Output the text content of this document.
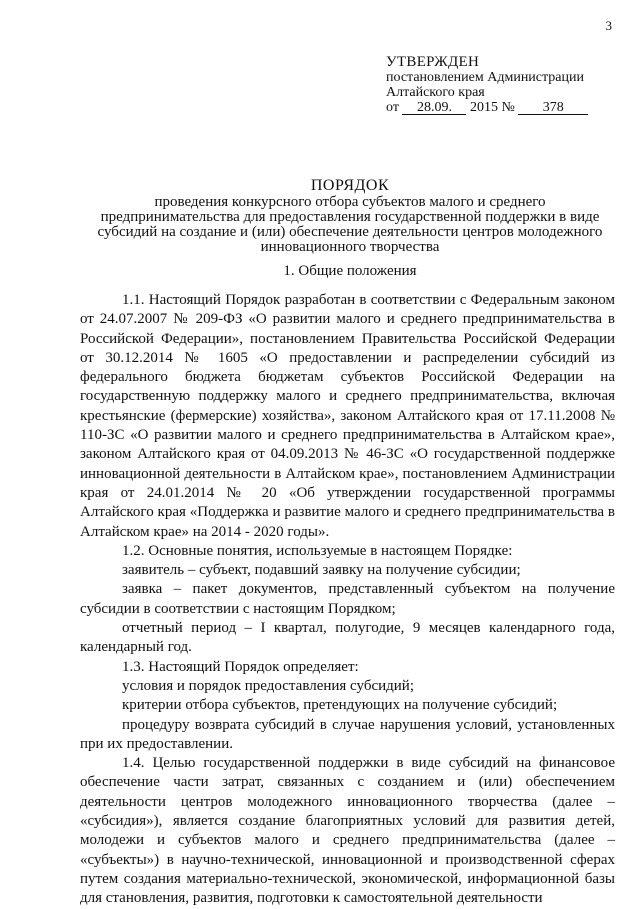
3
УТВЕРЖДЕН
постановлением Администрации
Алтайского края
от 28.09. 2015 № 378
ПОРЯДОК
проведения конкурсного отбора субъектов малого и среднего
предпринимательства для предоставления государственной поддержки в виде
субсидий на создание и (или) обеспечение деятельности центров молодежного
инновационного творчества
1. Общие положения

1.1. Настоящий Порядок разработан в соответствии с Федеральным законом от 24.07.2007 № 209-ФЗ «О развитии малого и среднего предпринимательства в Российской Федерации», постановлением Правительства Российской Федерации от 30.12.2014 № 1605 «О предоставлении и распределении субсидий из федерального бюджета бюджетам субъектов Российской Федерации на государственную поддержку малого и среднего предпринимательства, включая крестьянские (фермерские) хозяйства», законом Алтайского края от 17.11.2008 № 110-ЗС «О развитии малого и среднего предпринимательства в Алтайском крае», законом Алтайского края от 04.09.2013 № 46-ЗС «О государственной поддержке инновационной деятельности в Алтайском крае», постановлением Администрации края от 24.01.2014 № 20 «Об утверждении государственной программы Алтайского края «Поддержка и развитие малого и среднего предпринимательства в Алтайском крае» на 2014 - 2020 годы».

1.2. Основные понятия, используемые в настоящем Порядке:

заявитель – субъект, подавший заявку на получение субсидии;

заявка – пакет документов, представленный субъектом на получение субсидии в соответствии с настоящим Порядком;

отчетный период – I квартал, полугодие, 9 месяцев календарного года, календарный год.

1.3. Настоящий Порядок определяет:

условия и порядок предоставления субсидий;

критерии отбора субъектов, претендующих на получение субсидий;

процедуру возврата субсидий в случае нарушения условий, установленных при их предоставлении.

1.4. Целью государственной поддержки в виде субсидий на финансовое обеспечение части затрат, связанных с созданием и (или) обеспечением деятельности центров молодежного инновационного творчества (далее – «субсидия»), является создание благоприятных условий для развития детей, молодежи и субъектов малого и среднего предпринимательства (далее – «субъекты») в научно-технической, инновационной и производственной сферах путем создания материально-технической, экономической, информационной базы для становления, развития, подготовки к самостоятельной деятельности
